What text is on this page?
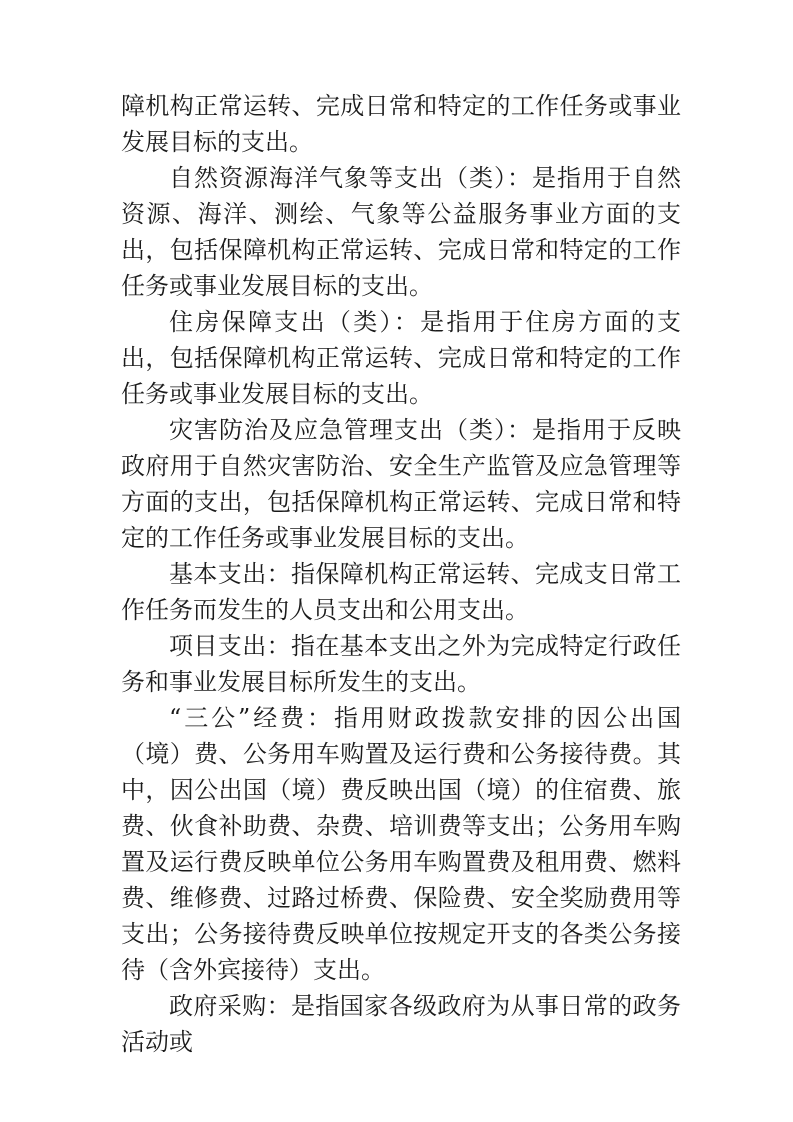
障机构正常运转、完成日常和特定的工作任务或事业发展目标的支出。

自然资源海洋气象等支出（类）：是指用于自然资源、海洋、测绘、气象等公益服务事业方面的支出，包括保障机构正常运转、完成日常和特定的工作任务或事业发展目标的支出。

住房保障支出（类）：是指用于住房方面的支出，包括保障机构正常运转、完成日常和特定的工作任务或事业发展目标的支出。

灾害防治及应急管理支出（类）：是指用于反映政府用于自然灾害防治、安全生产监管及应急管理等方面的支出，包括保障机构正常运转、完成日常和特定的工作任务或事业发展目标的支出。

基本支出：指保障机构正常运转、完成支日常工作任务而发生的人员支出和公用支出。

项目支出：指在基本支出之外为完成特定行政任务和事业发展目标所发生的支出。

“三公”经费：指用财政拨款安排的因公出国（境）费、公务用车购置及运行费和公务接待费。其中，因公出国（境）费反映出国（境）的住宿费、旅费、伙食补助费、杂费、培训费等支出；公务用车购置及运行费反映单位公务用车购置费及租用费、燃料费、维修费、过路过桥费、保险费、安全奖励费用等支出；公务接待费反映单位按规定开支的各类公务接待（含外宾接待）支出。

政府采购：是指国家各级政府为从事日常的政务活动或
